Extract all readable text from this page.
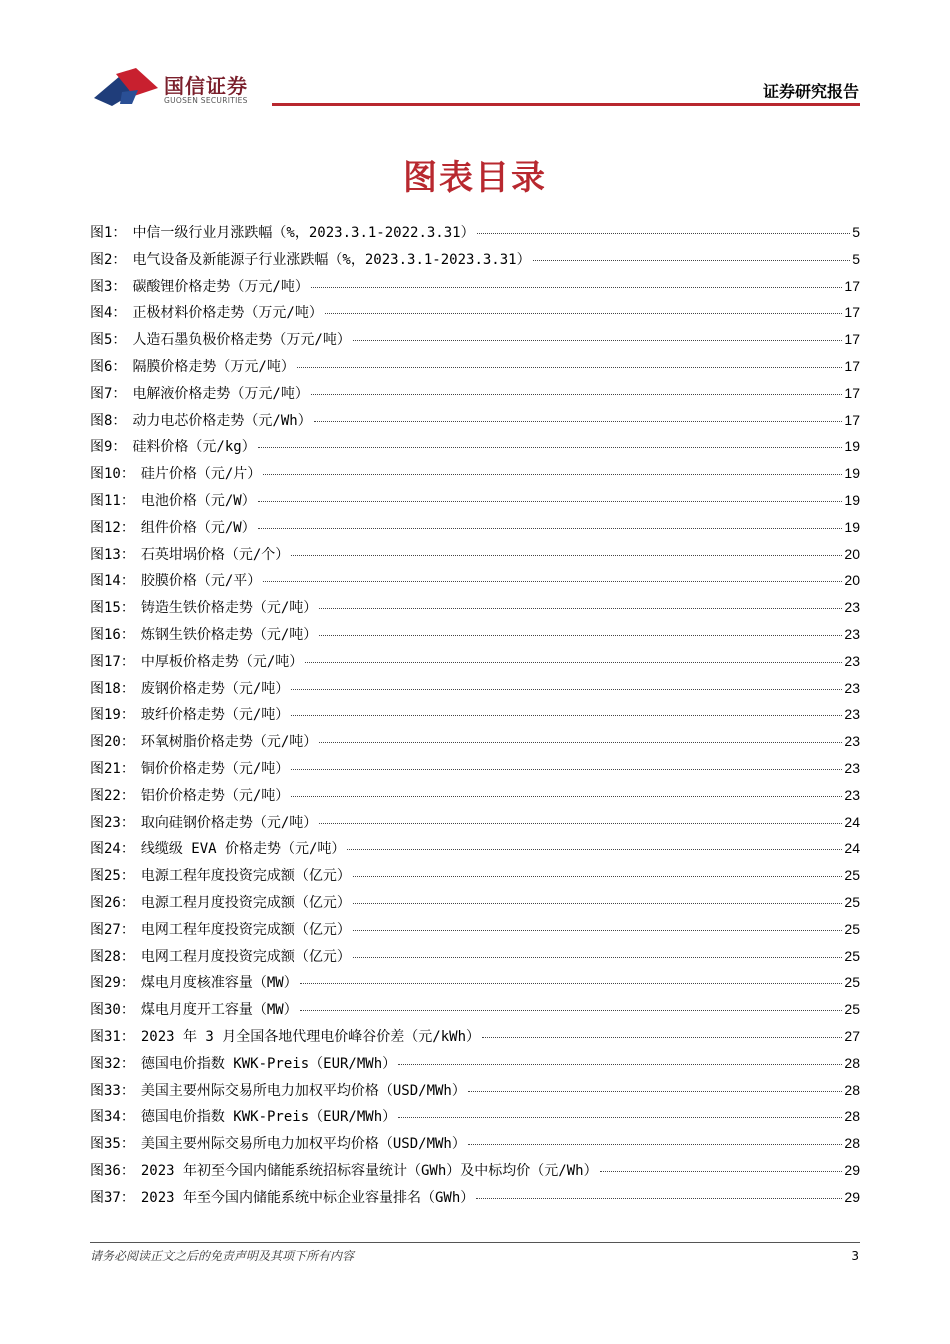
国信证券
GUOSEN SECURITIES	证券研究报告
图表目录
图1： 中信一级行业月涨跌幅（%，2023.3.1-2022.3.31）	5
图2： 电气设备及新能源子行业涨跌幅（%，2023.3.1-2023.3.31）	5
图3： 碳酸锂价格走势（万元/吨）	17
图4： 正极材料价格走势（万元/吨）	17
图5： 人造石墨负极价格走势（万元/吨）	17
图6： 隔膜价格走势（万元/吨）	17
图7： 电解液价格走势（万元/吨）	17
图8： 动力电芯价格走势（元/Wh）	17
图9： 硅料价格（元/kg）	19
图10： 硅片价格（元/片）	19
图11： 电池价格（元/W）	19
图12： 组件价格（元/W）	19
图13： 石英坩埚价格（元/个）	20
图14： 胶膜价格（元/平）	20
图15： 铸造生铁价格走势（元/吨）	23
图16： 炼钢生铁价格走势（元/吨）	23
图17： 中厚板价格走势（元/吨）	23
图18： 废钢价格走势（元/吨）	23
图19： 玻纤价格走势（元/吨）	23
图20： 环氧树脂价格走势（元/吨）	23
图21： 铜价价格走势（元/吨）	23
图22： 铝价价格走势（元/吨）	23
图23： 取向硅钢价格走势（元/吨）	24
图24： 线缆级 EVA 价格走势（元/吨）	24
图25： 电源工程年度投资完成额（亿元）	25
图26： 电源工程月度投资完成额（亿元）	25
图27： 电网工程年度投资完成额（亿元）	25
图28： 电网工程月度投资完成额（亿元）	25
图29： 煤电月度核准容量（MW）	25
图30： 煤电月度开工容量（MW）	25
图31： 2023 年 3 月全国各地代理电价峰谷价差（元/kWh）	27
图32： 德国电价指数 KWK-Preis（EUR/MWh）	28
图33： 美国主要州际交易所电力加权平均价格（USD/MWh）	28
图34： 德国电价指数 KWK-Preis（EUR/MWh）	28
图35： 美国主要州际交易所电力加权平均价格（USD/MWh）	28
图36： 2023 年初至今国内储能系统招标容量统计（GWh）及中标均价（元/Wh）	29
图37： 2023 年至今国内储能系统中标企业容量排名（GWh）	29
请务必阅读正文之后的免责声明及其项下所有内容	3
